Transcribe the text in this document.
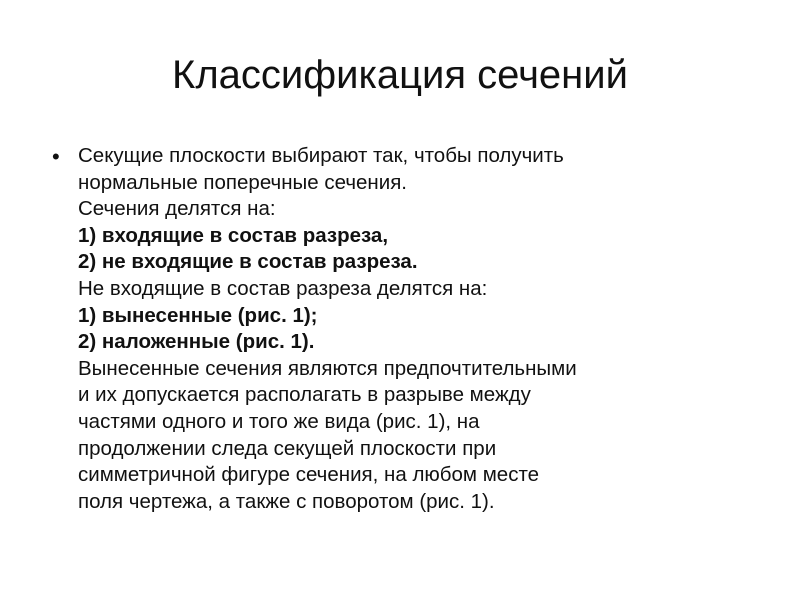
Классификация сечений
• Секущие плоскости выбирают так, чтобы получить
нормальные поперечные сечения.
Сечения делятся на:
1) входящие в состав разреза,
2) не входящие в состав разреза.
Не входящие в состав разреза делятся на:
1) вынесенные (рис. 1);
2) наложенные (рис. 1).
Вынесенные сечения являются предпочтительными
и их допускается располагать в разрыве между
частями одного и того же вида (рис. 1), на
продолжении следа секущей плоскости при
симметричной фигуре сечения, на любом месте
поля чертежа, а также с поворотом (рис. 1).
